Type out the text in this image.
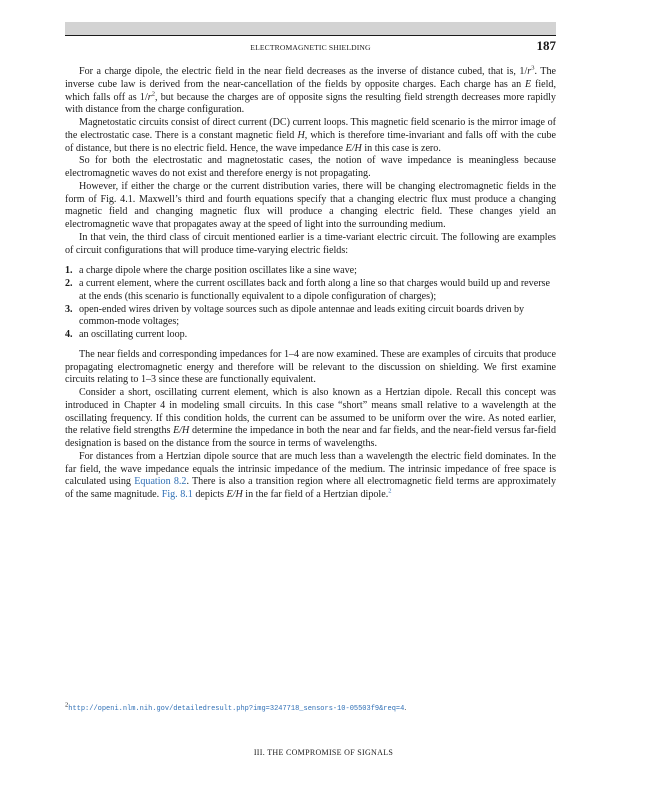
ELECTROMAGNETIC SHIELDING	187

For a charge dipole, the electric field in the near field decreases as the inverse of distance cubed, that is, $1/r^3$. The inverse cube law is derived from the near-cancellation of the fields by opposite charges. Each charge has an E field, which falls off as $1/r^2$, but because the charges are of opposite signs the resulting field strength decreases more rapidly with distance from the charge configuration.

Magnetostatic circuits consist of direct current (DC) current loops. This magnetic field scenario is the mirror image of the electrostatic case. There is a constant magnetic field H, which is therefore time-invariant and falls off with the cube of distance, but there is no electric field. Hence, the wave impedance E/H in this case is zero.

So for both the electrostatic and magnetostatic cases, the notion of wave impedance is meaningless because electromagnetic waves do not exist and therefore energy is not propagating.

However, if either the charge or the current distribution varies, there will be changing electromagnetic fields in the form of Fig. 4.1. Maxwell’s third and fourth equations specify that a changing electric flux must produce a changing magnetic field and changing magnetic flux will produce a changing electric field. These changes yield an electromagnetic wave that propagates away at the speed of light into the surrounding medium.

In that vein, the third class of circuit mentioned earlier is a time-variant electric circuit. The following are examples of circuit configurations that will produce time-varying electric fields:

1. a charge dipole where the charge position oscillates like a sine wave;
2. a current element, where the current oscillates back and forth along a line so that charges would build up and reverse at the ends (this scenario is functionally equivalent to a dipole configuration of charges);
3. open-ended wires driven by voltage sources such as dipole antennae and leads exiting circuit boards driven by common-mode voltages;
4. an oscillating current loop.

The near fields and corresponding impedances for 1–4 are now examined. These are examples of circuits that produce propagating electromagnetic energy and therefore will be relevant to the discussion on shielding. We first examine circuits relating to 1–3 since these are functionally equivalent.

Consider a short, oscillating current element, which is also known as a Hertzian dipole. Recall this concept was introduced in Chapter 4 in modeling small circuits. In this case “short” means small relative to a wavelength at the oscillating frequency. If this condition holds, the current can be assumed to be uniform over the wire. As noted earlier, the relative field strengths E/H determine the impedance in both the near and far fields, and the near-field versus far-field designation is based on the distance from the source in terms of wavelengths.

For distances from a Hertzian dipole source that are much less than a wavelength the electric field dominates. In the far field, the wave impedance equals the intrinsic impedance of the medium. The intrinsic impedance of free space is calculated using Equation 8.2. There is also a transition region where all electromagnetic field terms are approximately of the same magnitude. Fig. 8.1 depicts E/H in the far field of a Hertzian dipole.$^2$

$^2$http://openi.nlm.nih.gov/detailedresult.php?img=3247718_sensors-10-05503f9&req=4.
III. THE COMPROMISE OF SIGNALS
